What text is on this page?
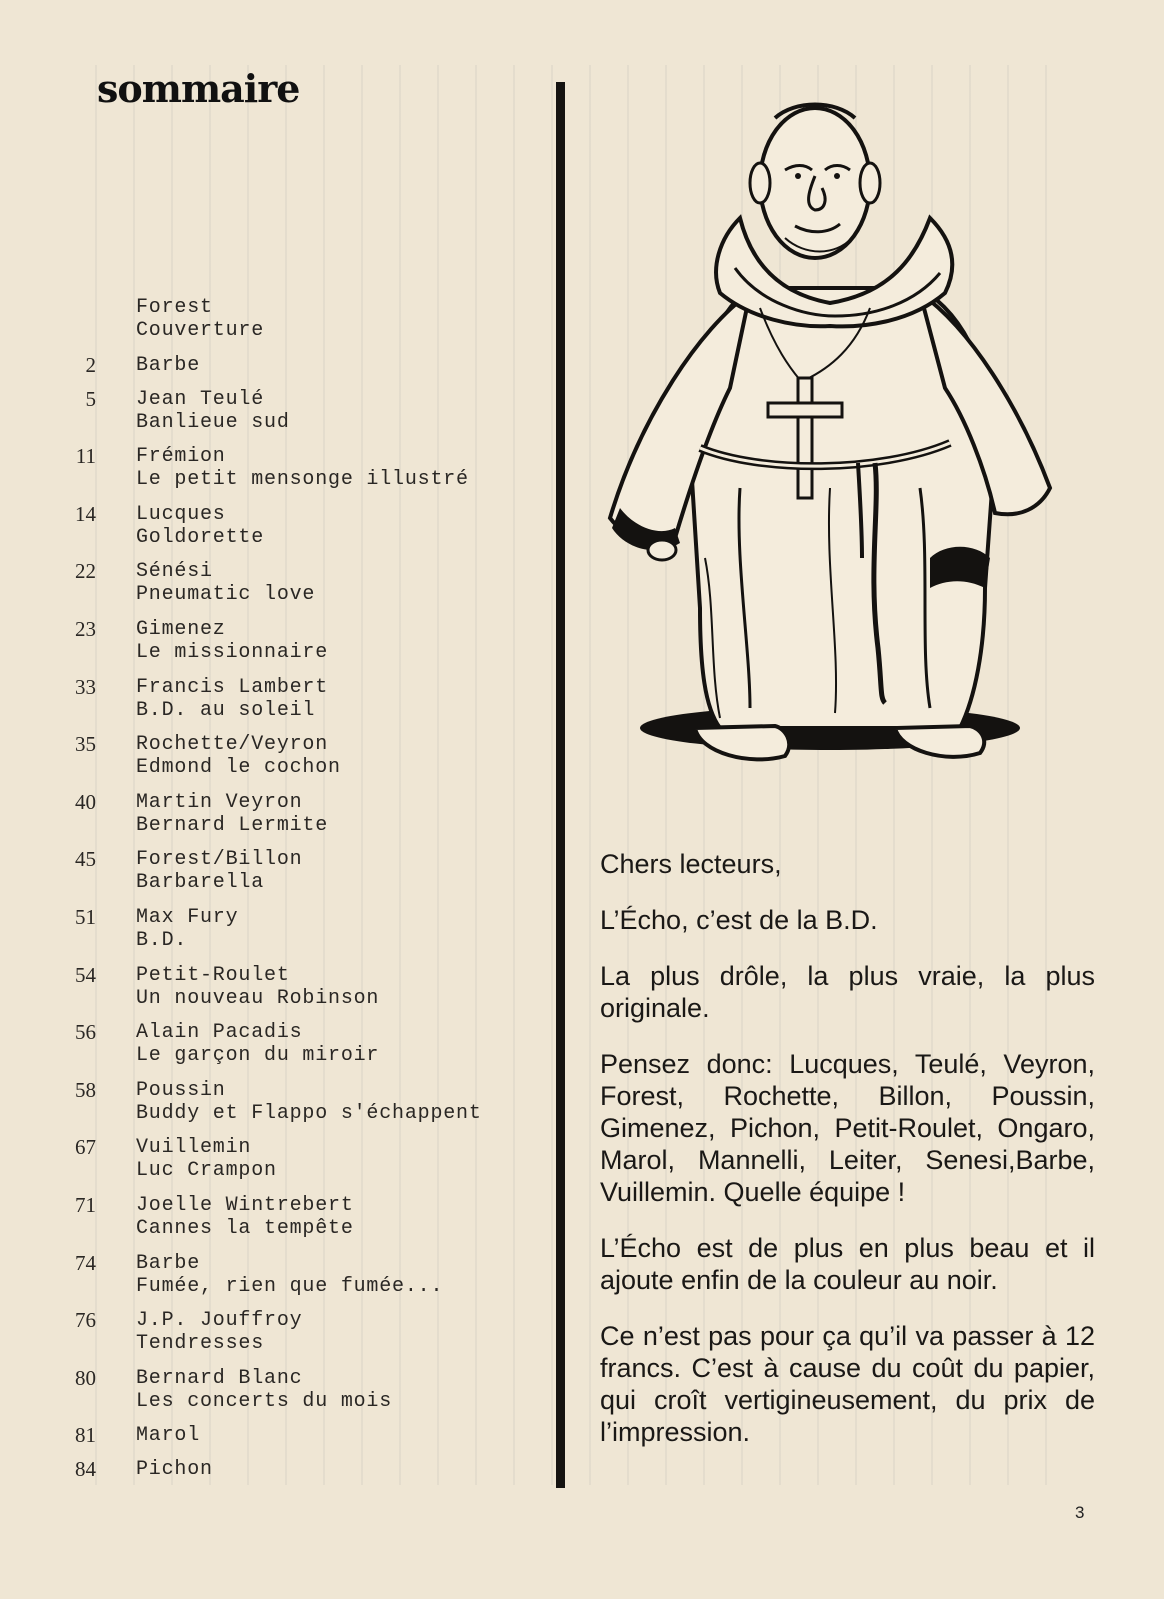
sommaire
Forest
Couverture
2 Barbe
5 Jean Teulé
Banlieue sud
11 Frémion
Le petit mensonge illustré
14 Lucques
Goldorette
22 Sénési
Pneumatic love
23 Gimenez
Le missionnaire
33 Francis Lambert
B.D. au soleil
35 Rochette/Veyron
Edmond le cochon
40 Martin Veyron
Bernard Lermite
45 Forest/Billon
Barbarella
51 Max Fury
B.D.
54 Petit-Roulet
Un nouveau Robinson
56 Alain Pacadis
Le garçon du miroir
58 Poussin
Buddy et Flappo s'échappent
67 Vuillemin
Luc Crampon
71 Joelle Wintrebert
Cannes la tempête
74 Barbe
Fumée, rien que fumée...
76 J.P. Jouffroy
Tendresses
80 Bernard Blanc
Les concerts du mois
81 Marol
84 Pichon

Chers lecteurs,

L’Écho, c’est de la B.D.

La plus drôle, la plus vraie, la plus originale.

Pensez donc: Lucques, Teulé, Veyron, Forest, Rochette, Billon, Poussin, Gimenez, Pichon, Petit-Roulet, Ongaro, Marol, Mannelli, Leiter, Senesi,Barbe, Vuillemin. Quelle équipe !

L’Écho est de plus en plus beau et il ajoute enfin de la couleur au noir.

Ce n’est pas pour ça qu’il va passer à 12 francs. C’est à cause du coût du papier, qui croît vertigineusement, du prix de l’impression.

3
